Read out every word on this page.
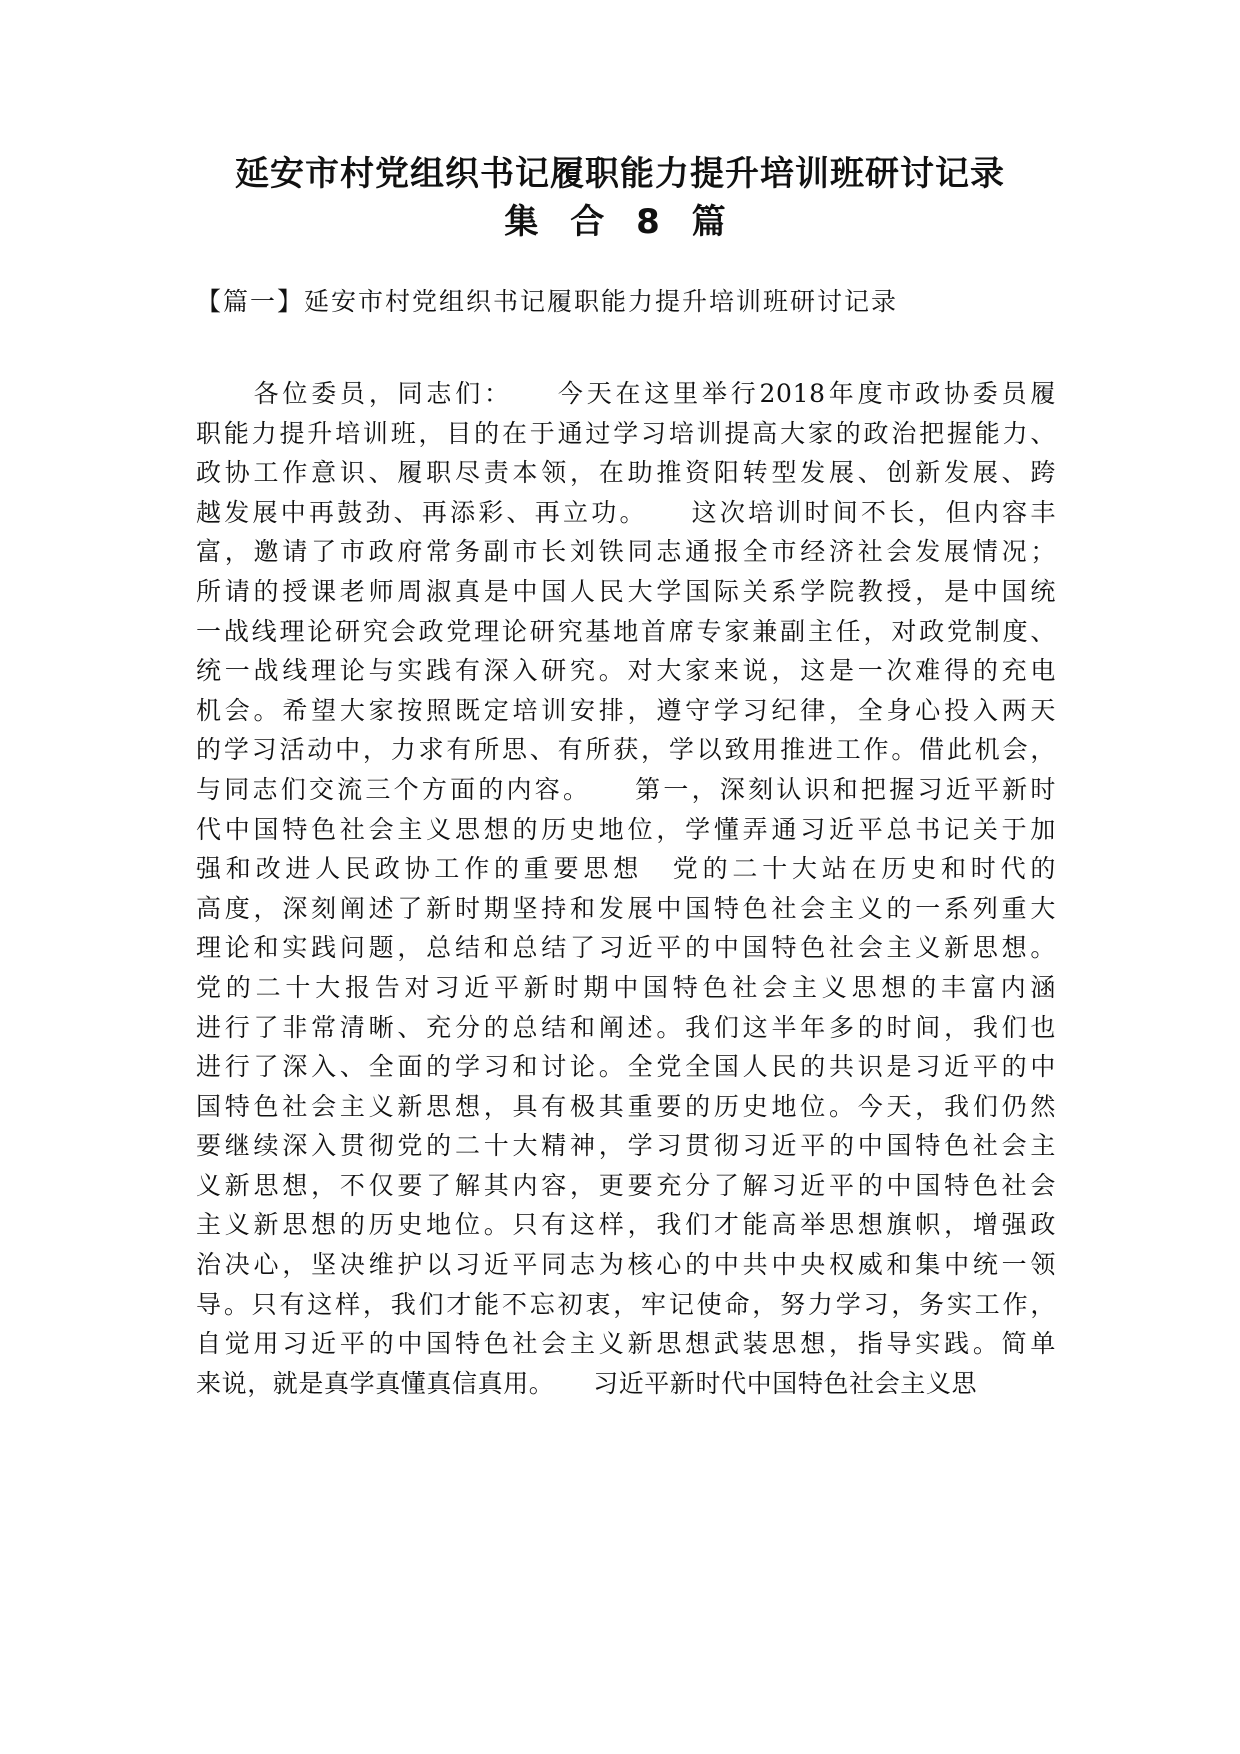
延安市村党组织书记履职能力提升培训班研讨记录
集 合 8 篇
【篇一】延安市村党组织书记履职能力提升培训班研讨记录
　　各位委员，同志们：　　今天在这里举行2018年度市政协委员履
职能力提升培训班，目的在于通过学习培训提高大家的政治把握能力、
政协工作意识、履职尽责本领，在助推资阳转型发展、创新发展、跨
越发展中再鼓劲、再添彩、再立功。　　这次培训时间不长，但内容丰
富，邀请了市政府常务副市长刘铁同志通报全市经济社会发展情况；
所请的授课老师周淑真是中国人民大学国际关系学院教授，是中国统
一战线理论研究会政党理论研究基地首席专家兼副主任，对政党制度、
统一战线理论与实践有深入研究。对大家来说，这是一次难得的充电
机会。希望大家按照既定培训安排，遵守学习纪律，全身心投入两天
的学习活动中，力求有所思、有所获，学以致用推进工作。借此机会，
与同志们交流三个方面的内容。　　第一，深刻认识和把握习近平新时
代中国特色社会主义思想的历史地位，学懂弄通习近平总书记关于加
强和改进人民政协工作的重要思想　党的二十大站在历史和时代的
高度，深刻阐述了新时期坚持和发展中国特色社会主义的一系列重大
理论和实践问题，总结和总结了习近平的中国特色社会主义新思想。
党的二十大报告对习近平新时期中国特色社会主义思想的丰富内涵
进行了非常清晰、充分的总结和阐述。我们这半年多的时间，我们也
进行了深入、全面的学习和讨论。全党全国人民的共识是习近平的中
国特色社会主义新思想，具有极其重要的历史地位。今天，我们仍然
要继续深入贯彻党的二十大精神，学习贯彻习近平的中国特色社会主
义新思想，不仅要了解其内容，更要充分了解习近平的中国特色社会
主义新思想的历史地位。只有这样，我们才能高举思想旗帜，增强政
治决心，坚决维护以习近平同志为核心的中共中央权威和集中统一领
导。只有这样，我们才能不忘初衷，牢记使命，努力学习，务实工作，
自觉用习近平的中国特色社会主义新思想武装思想，指导实践。简单
来说，就是真学真懂真信真用。　　习近平新时代中国特色社会主义思
